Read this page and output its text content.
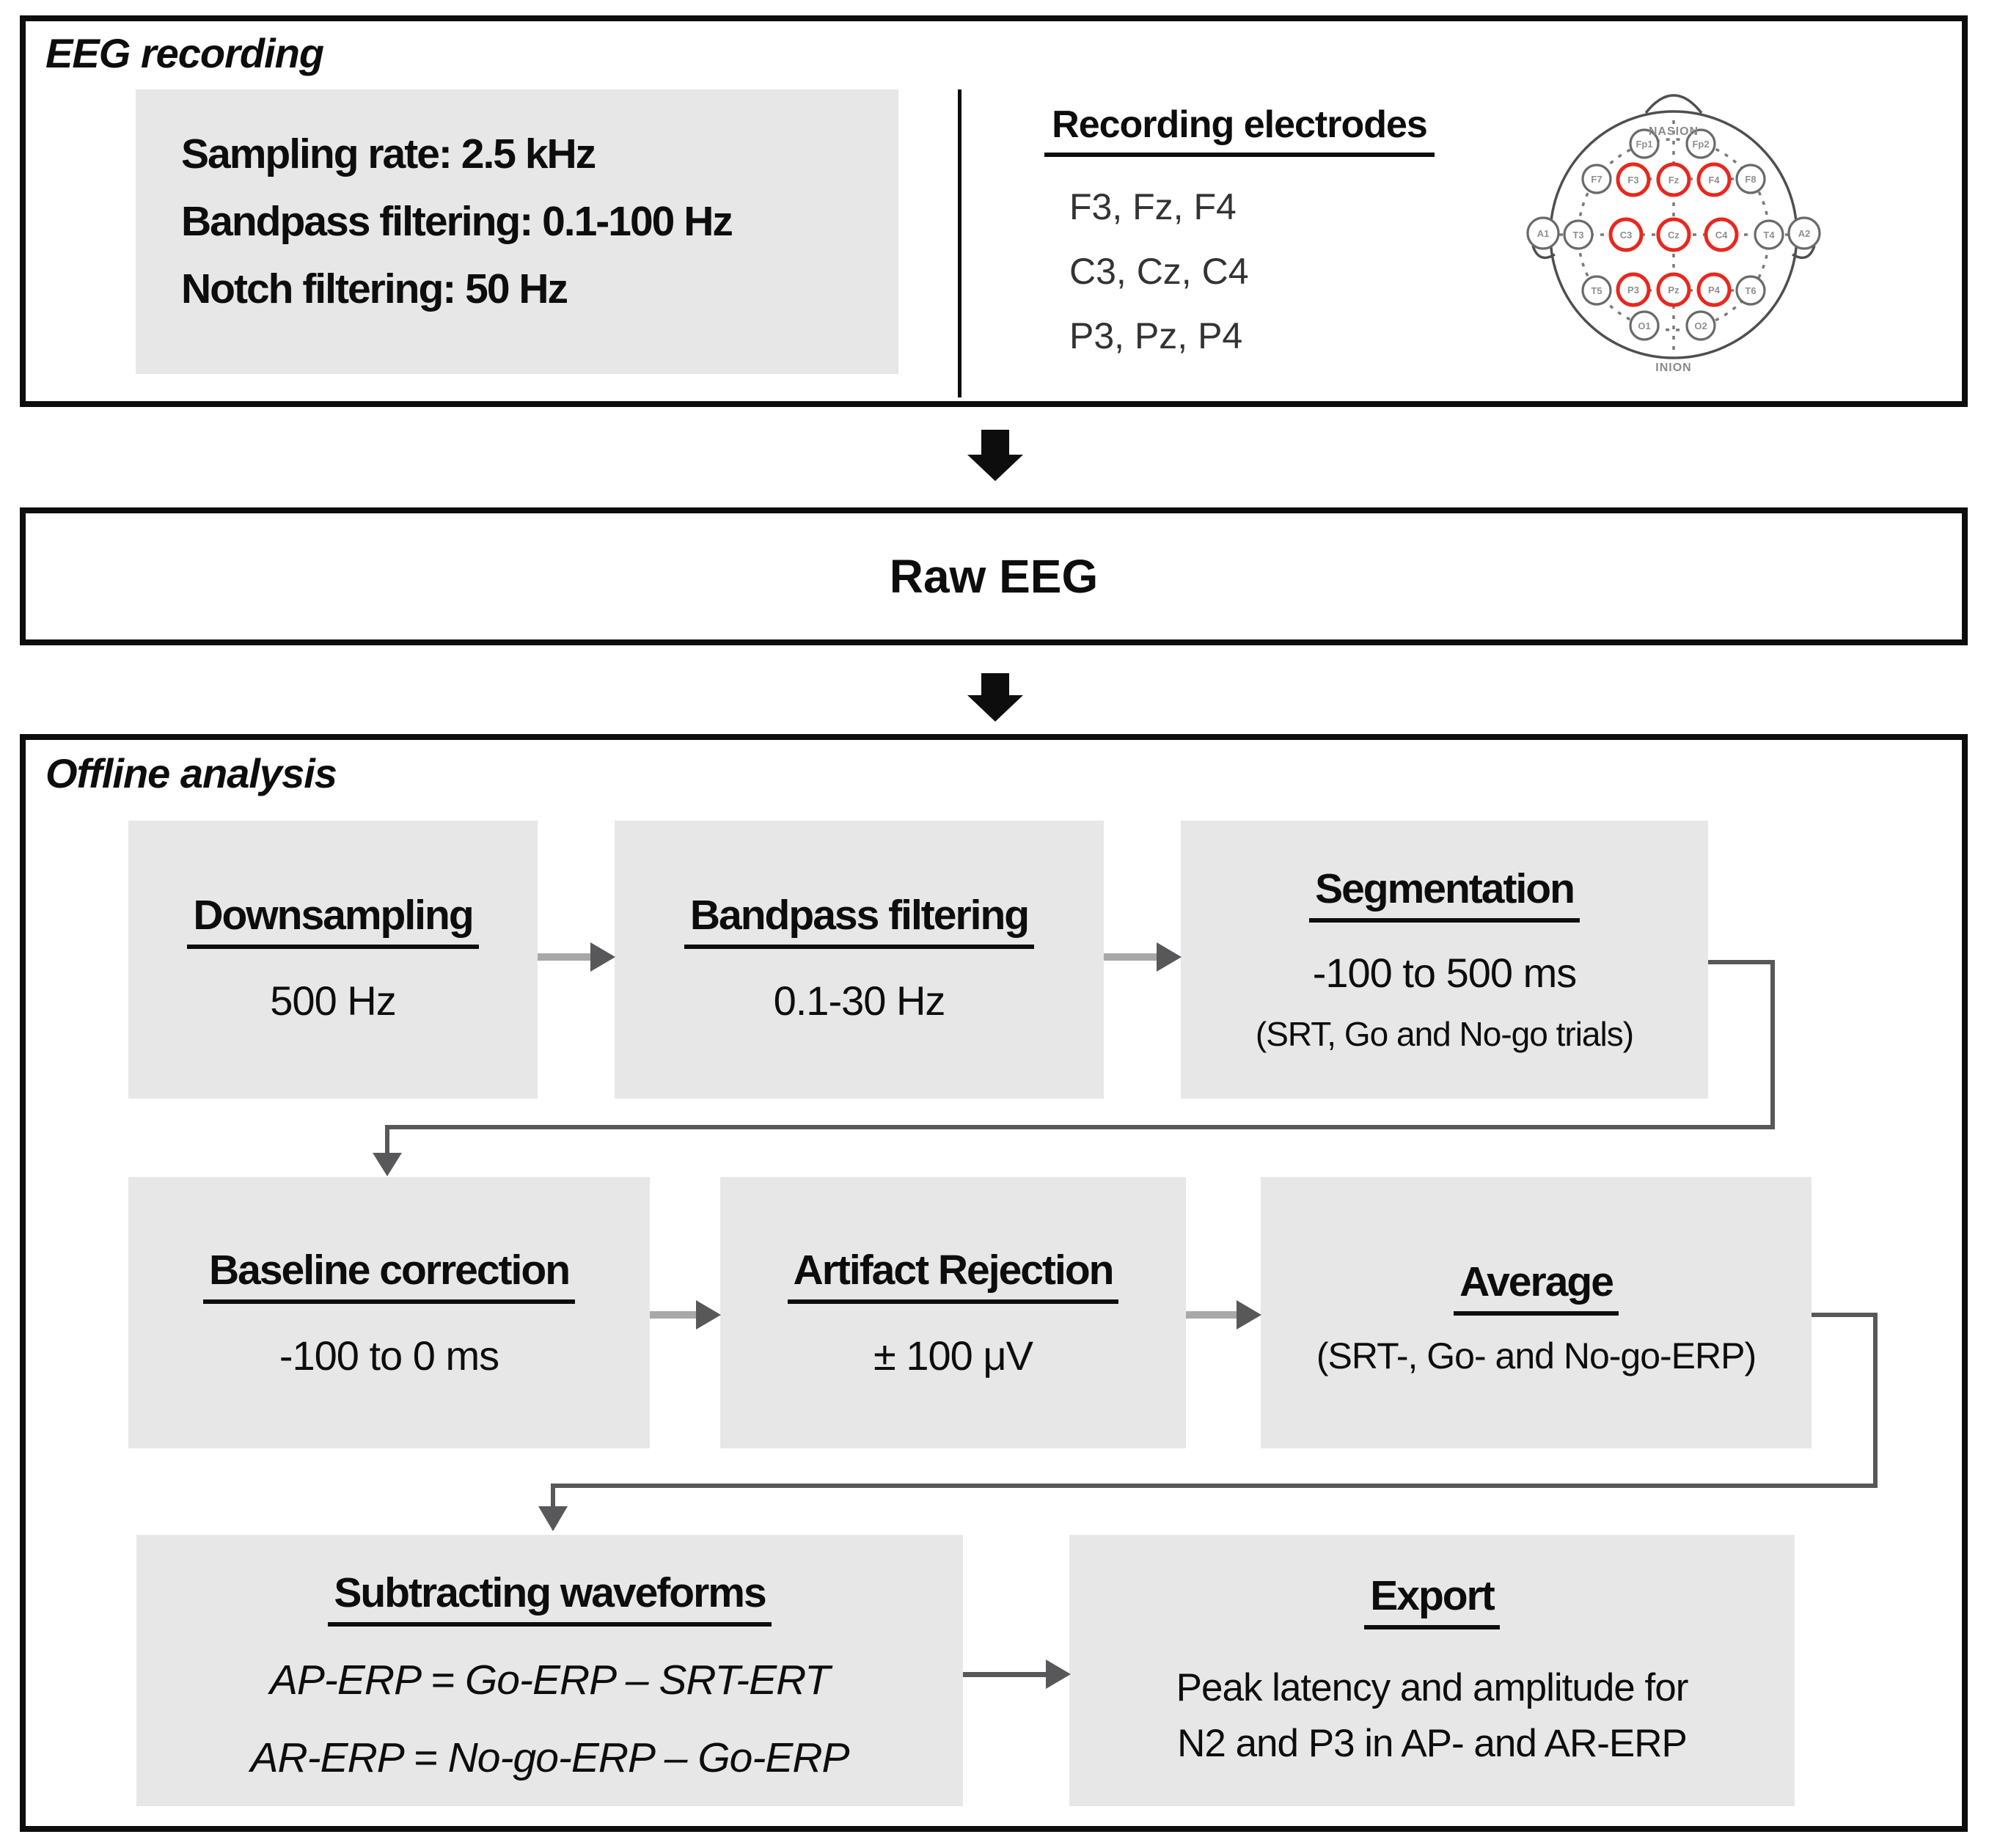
EEG recording
Sampling rate: 2.5 kHz
Bandpass filtering: 0.1-100 Hz
Notch filtering: 50 Hz
Recording electrodes
F3, Fz, F4
C3, Cz, C4
P3, Pz, P4
Fp1	Fp2
F7	F3	Fz	F4	F8
A1 T3	C3	Cz	C4	T4 A2
T5	P3	Pz	P4	T6
O1	O2
NASION
INION
Raw EEG
Offline analysis
Downsampling
500 Hz
Bandpass filtering
0.1-30 Hz
Segmentation
-100 to 500 ms
(SRT, Go and No-go trials)
Baseline correction
-100 to 0 ms
Artifact Rejection
± 100 μV
Average
(SRT-, Go- and No-go-ERP)
Subtracting waveforms
AP-ERP = Go-ERP – SRT-ERT
AR-ERP = No-go-ERP – Go-ERP
Export
Peak latency and amplitude for
N2 and P3 in AP- and AR-ERP
